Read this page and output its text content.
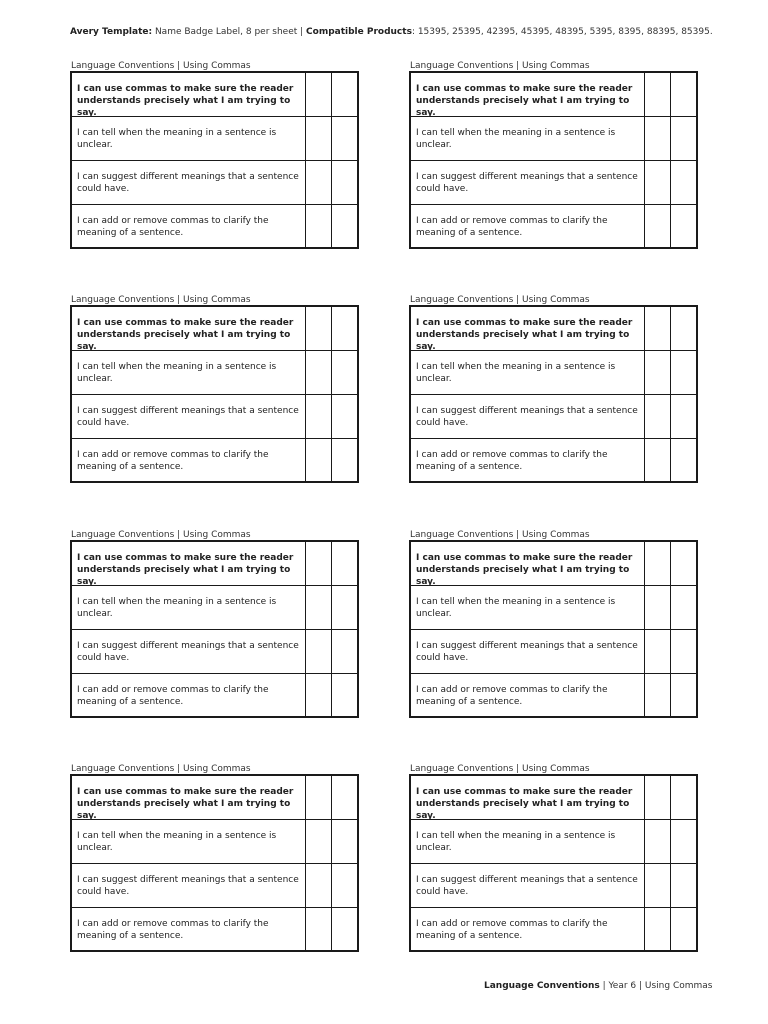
Avery Template: Name Badge Label, 8 per sheet | Compatible Products: 15395, 25395, 42395, 45395, 48395, 5395, 8395, 88395, 85395.
Language Conventions | Using Commas
I can use commas to make sure the reader understands precisely what I am trying to say.
I can tell when the meaning in a sentence is unclear.
I can suggest different meanings that a sentence could have.
I can add or remove commas to clarify the meaning of a sentence.
Language Conventions | Using Commas
I can use commas to make sure the reader understands precisely what I am trying to say.
I can tell when the meaning in a sentence is unclear.
I can suggest different meanings that a sentence could have.
I can add or remove commas to clarify the meaning of a sentence.
Language Conventions | Using Commas
I can use commas to make sure the reader understands precisely what I am trying to say.
I can tell when the meaning in a sentence is unclear.
I can suggest different meanings that a sentence could have.
I can add or remove commas to clarify the meaning of a sentence.
Language Conventions | Using Commas
I can use commas to make sure the reader understands precisely what I am trying to say.
I can tell when the meaning in a sentence is unclear.
I can suggest different meanings that a sentence could have.
I can add or remove commas to clarify the meaning of a sentence.
Language Conventions | Using Commas
I can use commas to make sure the reader understands precisely what I am trying to say.
I can tell when the meaning in a sentence is unclear.
I can suggest different meanings that a sentence could have.
I can add or remove commas to clarify the meaning of a sentence.
Language Conventions | Using Commas
I can use commas to make sure the reader understands precisely what I am trying to say.
I can tell when the meaning in a sentence is unclear.
I can suggest different meanings that a sentence could have.
I can add or remove commas to clarify the meaning of a sentence.
Language Conventions | Using Commas
I can use commas to make sure the reader understands precisely what I am trying to say.
I can tell when the meaning in a sentence is unclear.
I can suggest different meanings that a sentence could have.
I can add or remove commas to clarify the meaning of a sentence.
Language Conventions | Using Commas
I can use commas to make sure the reader understands precisely what I am trying to say.
I can tell when the meaning in a sentence is unclear.
I can suggest different meanings that a sentence could have.
I can add or remove commas to clarify the meaning of a sentence.
Language Conventions | Year 6 | Using Commas
